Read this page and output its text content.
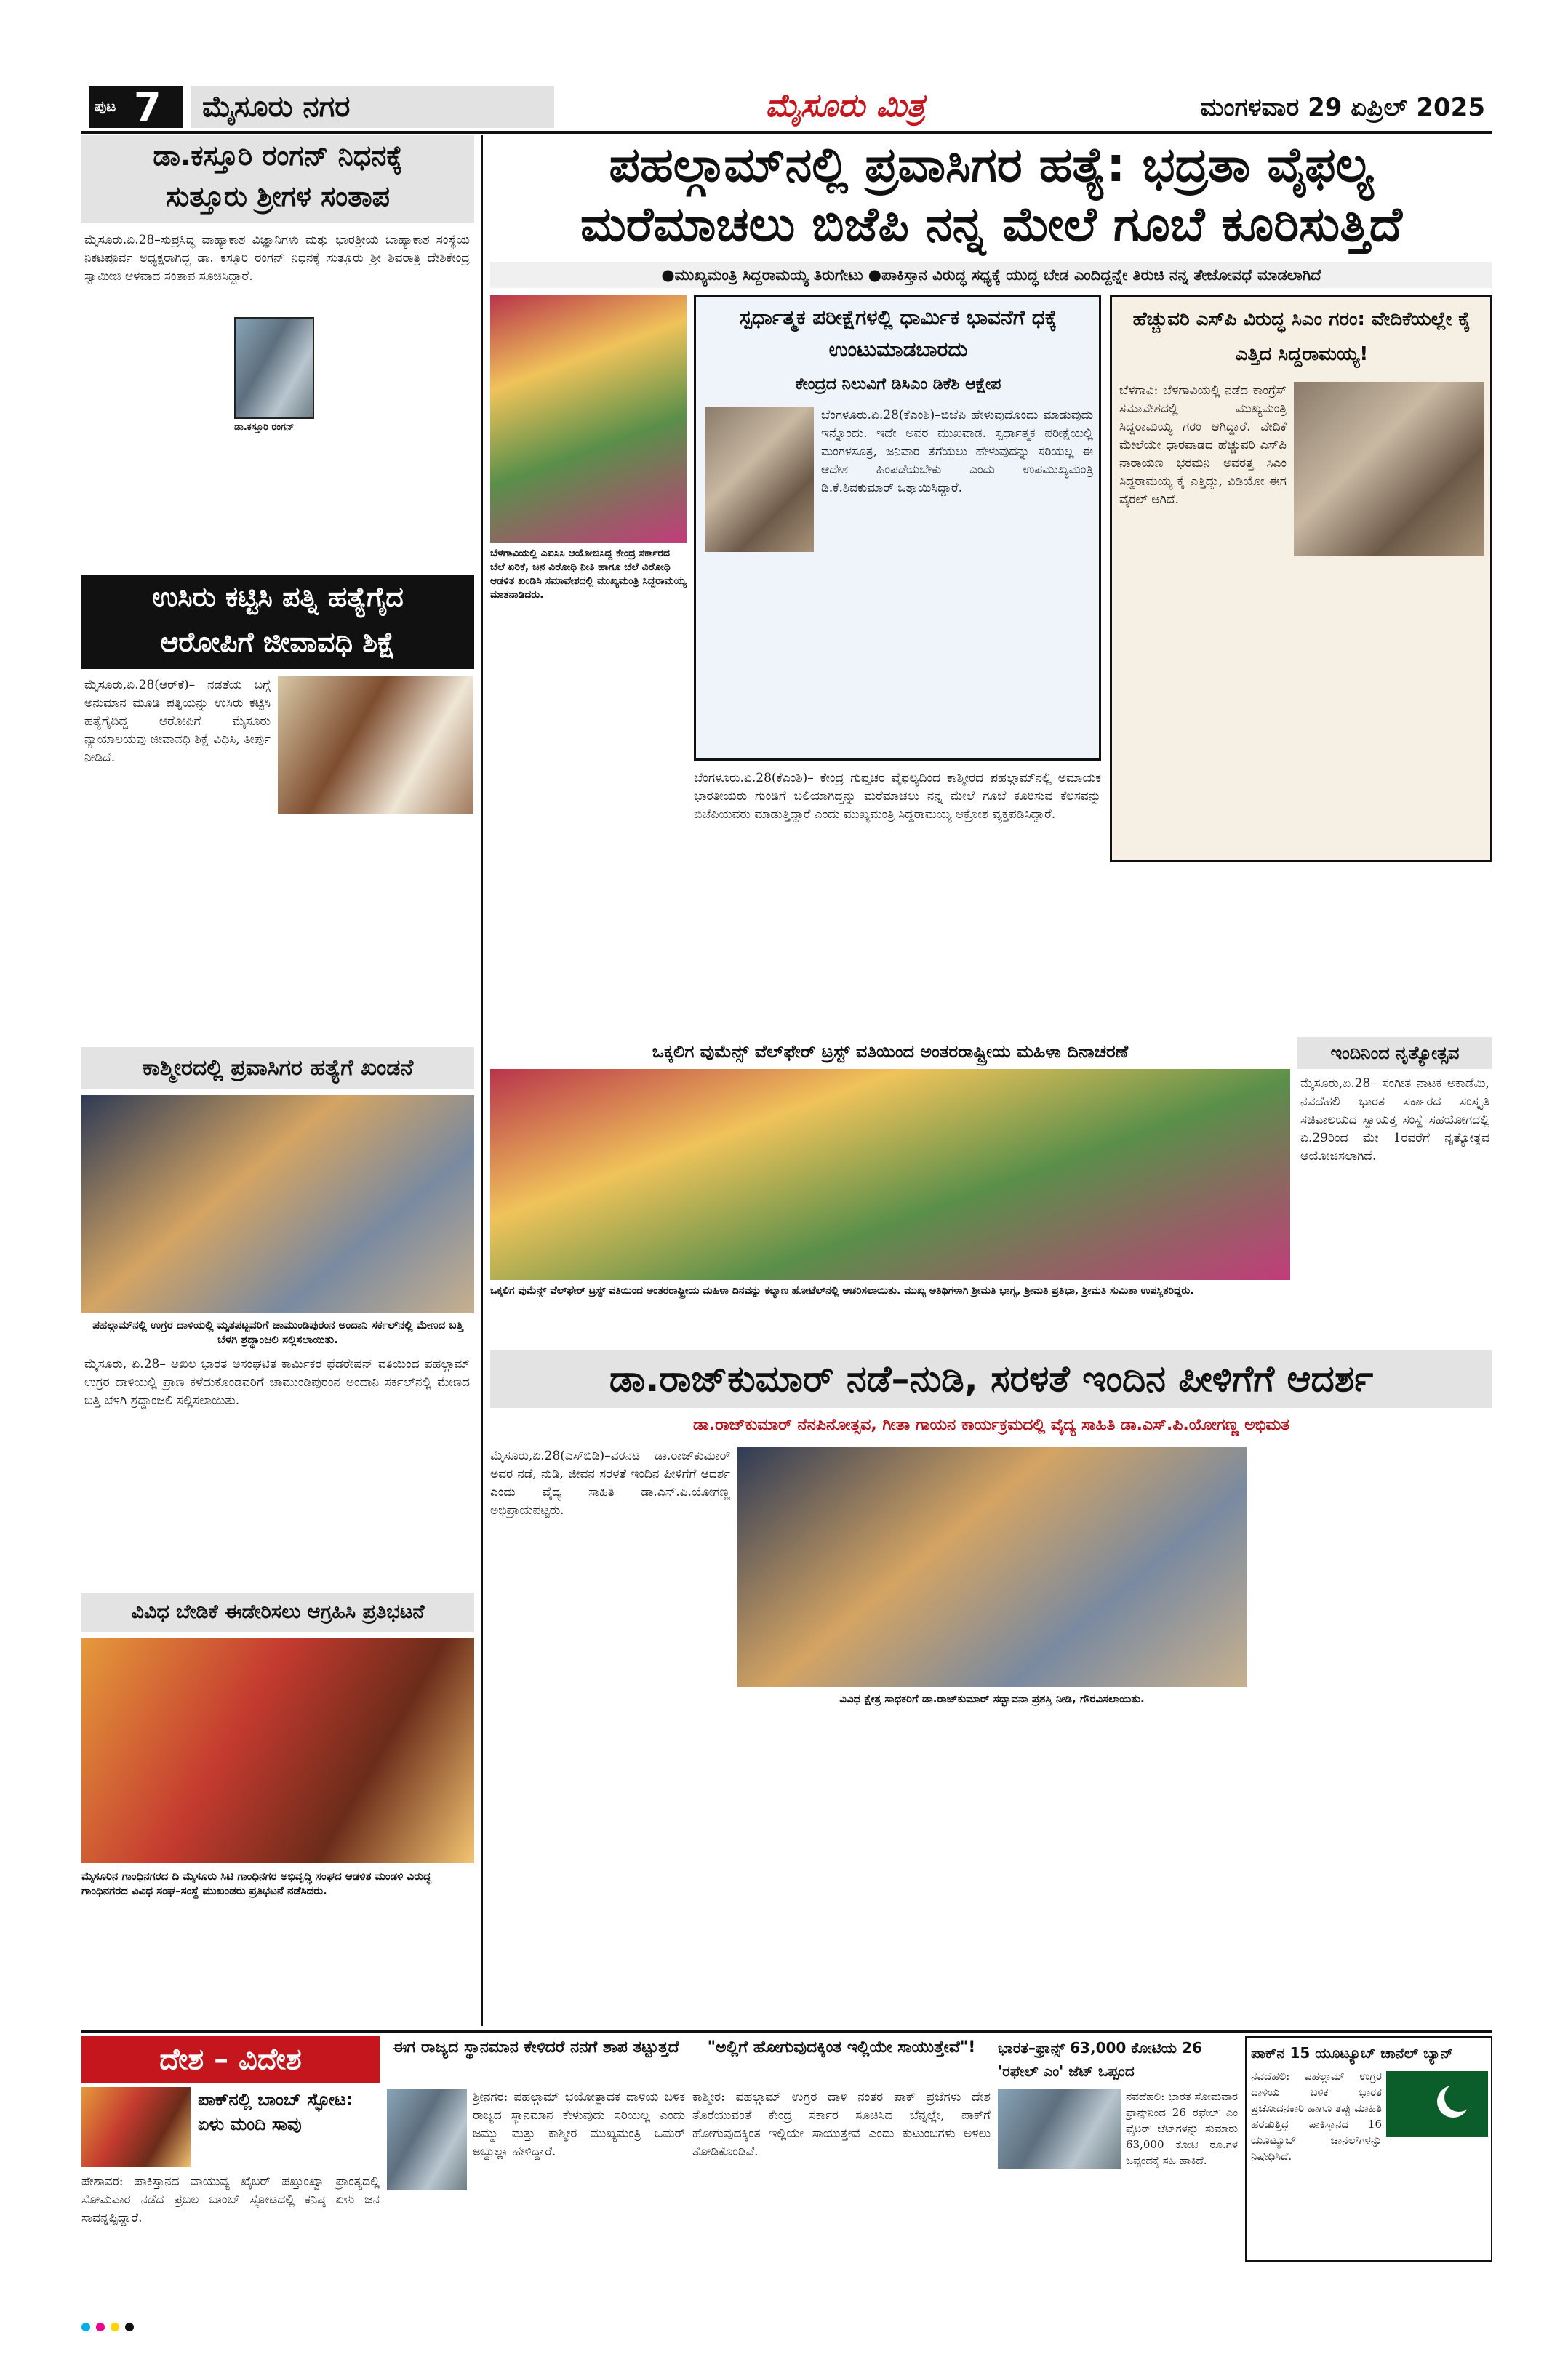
ಪುಟ 7	ಮೈಸೂರು ನಗರ	ಮೈಸೂರು ಮಿತ್ರ	ಮಂಗಳವಾರ 29 ಏಪ್ರಿಲ್ 2025
ಡಾ.ಕಸ್ತೂರಿ ರಂಗನ್ ನಿಧನಕ್ಕೆ
ಸುತ್ತೂರು ಶ್ರೀಗಳ ಸಂತಾಪ
ಮೈಸೂರು.ಏ.28–ಸುಪ್ರಸಿದ್ಧ ವಾಹ್ಯಾಕಾಶ ವಿಜ್ಞಾನಿಗಳು ಮತ್ತು ಭಾರತ್ರೀಯ ಬಾಹ್ಯಾಕಾಶ ಸಂಸ್ಥೆಯ ನಿಕಟಪೂರ್ವ ಅಧ್ಯಕ್ಷರಾಗಿದ್ದ ಡಾ. ಕಸ್ತೂರಿ ರಂಗನ್ ನಿಧನಕ್ಕೆ ಸುತ್ತೂರು ಶ್ರೀ ಶಿವರಾತ್ರಿ ದೇಶಿಕೇಂದ್ರ ಸ್ವಾಮೀಜಿ ಆಳವಾದ ಸಂತಾಪ ಸೂಚಿಸಿದ್ದಾರೆ.
ಡಾ.ಕಸ್ತೂರಿ ರಂಗನ್
ಉಸಿರು ಕಟ್ಟಿಸಿ ಪತ್ನಿ ಹತ್ಯೆಗೈದ
ಆರೋಪಿಗೆ ಜೀವಾವಧಿ ಶಿಕ್ಷೆ
ಮೈಸೂರು,ಏ.28(ಆರ್‌ಕೆ)– ನಡತೆಯ ಬಗ್ಗೆ ಅನುಮಾನ ಮೂಡಿ ಪತ್ನಿಯನ್ನು ಉಸಿರು ಕಟ್ಟಿಸಿ ಹತ್ಯೆಗೈದಿದ್ದ ಆರೋಪಿಗೆ ಮೈಸೂರು ನ್ಯಾಯಾಲಯವು ಜೀವಾವಧಿ ಶಿಕ್ಷೆ ವಿಧಿಸಿ, ತೀರ್ಪು ನೀಡಿದೆ.
ಕಾಶ್ಮೀರದಲ್ಲಿ ಪ್ರವಾಸಿಗರ ಹತ್ಯೆಗೆ ಖಂಡನೆ
ಪಹಲ್ಗಾಮ್‌ನಲ್ಲಿ ಉಗ್ರರ ದಾಳಿಯಲ್ಲಿ ಮೃತಪಟ್ಟವರಿಗೆ ಚಾಮುಂಡಿಪುರಂನ ಅಂದಾನಿ ಸರ್ಕಲ್‌ನಲ್ಲಿ ಮೇಣದ ಬತ್ತಿ ಬೆಳಗಿ ಶ್ರದ್ಧಾಂಜಲಿ ಸಲ್ಲಿಸಲಾಯಿತು.
ಮೈಸೂರು, ಏ.28– ಅಖಿಲ ಭಾರತ ಅಸಂಘಟಿತ ಕಾರ್ಮಿಕರ ಫೆಡರೇಷನ್ ವತಿಯಿಂದ ಪಹಲ್ಗಾಮ್ ಉಗ್ರರ ದಾಳಿಯಲ್ಲಿ ಪ್ರಾಣ ಕಳೆದುಕೊಂಡವರಿಗೆ ಚಾಮುಂಡಿಪುರಂನ ಅಂದಾನಿ ಸರ್ಕಲ್‌ನಲ್ಲಿ ಮೇಣದ ಬತ್ತಿ ಬೆಳಗಿ ಶ್ರದ್ಧಾಂಜಲಿ ಸಲ್ಲಿಸಲಾಯಿತು.
ವಿವಿಧ ಬೇಡಿಕೆ ಈಡೇರಿಸಲು ಆಗ್ರಹಿಸಿ ಪ್ರತಿಭಟನೆ
ಮೈಸೂರಿನ ಗಾಂಧಿನಗರದ ದಿ ಮೈಸೂರು ಸಿಟಿ ಗಾಂಧಿನಗರ ಅಭಿವೃದ್ಧಿ ಸಂಘದ ಆಡಳಿತ ಮಂಡಳಿ ವಿರುದ್ಧ ಗಾಂಧಿನಗರದ ವಿವಿಧ ಸಂಘ–ಸಂಸ್ಥೆ ಮುಖಂಡರು ಪ್ರತಿಭಟನೆ ನಡೆಸಿದರು.
ಪಹಲ್ಗಾಮ್‌ನಲ್ಲಿ ಪ್ರವಾಸಿಗರ ಹತ್ಯೆ: ಭದ್ರತಾ ವೈಫಲ್ಯ
ಮರೆಮಾಚಲು ಬಿಜೆಪಿ ನನ್ನ ಮೇಲೆ ಗೂಬೆ ಕೂರಿಸುತ್ತಿದೆ
●ಮುಖ್ಯಮಂತ್ರಿ ಸಿದ್ದರಾಮಯ್ಯ ತಿರುಗೇಟು ●ಪಾಕಿಸ್ತಾನ ವಿರುದ್ಧ ಸಧ್ಯಕ್ಕೆ ಯುದ್ಧ ಬೇಡ ಎಂದಿದ್ದನ್ನೇ ತಿರುಚಿ ನನ್ನ ತೇಜೋವಧೆ ಮಾಡಲಾಗಿದೆ
ಬೆಳಗಾವಿಯಲ್ಲಿ ಎಐಸಿಸಿ ಆಯೋಜಿಸಿದ್ದ ಕೇಂದ್ರ ಸರ್ಕಾರದ ಬೆಲೆ ಏರಿಕೆ, ಜನ ವಿರೋಧಿ ನೀತಿ ಹಾಗೂ ಬೆಲೆ ವಿರೋಧಿ ಆಡಳಿತ ಖಂಡಿಸಿ ಸಮಾವೇಶದಲ್ಲಿ ಮುಖ್ಯಮಂತ್ರಿ ಸಿದ್ದರಾಮಯ್ಯ ಮಾತನಾಡಿದರು.
ಸ್ಪರ್ಧಾತ್ಮಕ ಪರೀಕ್ಷೆಗಳಲ್ಲಿ ಧಾರ್ಮಿಕ ಭಾವನೆಗೆ ಧಕ್ಕೆ ಉಂಟುಮಾಡಬಾರದು
ಕೇಂದ್ರದ ನಿಲುವಿಗೆ ಡಿಸಿಎಂ ಡಿಕೆಶಿ ಆಕ್ಷೇಪ
ಬೆಂಗಳೂರು.ಏ.28(ಕೆಎಂಶಿ)–ಬಿಜೆಪಿ ಹೇಳುವುದೊಂದು ಮಾಡುವುದು ಇನ್ನೊಂದು. ಇದೇ ಅವರ ಮುಖವಾಡ. ಸ್ಪರ್ಧಾತ್ಮಕ ಪರೀಕ್ಷೆಯಲ್ಲಿ ಮಂಗಳಸೂತ್ರ, ಜನಿವಾರ ತೆಗೆಯಲು ಹೇಳುವುದನ್ನು ಸರಿಯಲ್ಲ ಈ ಆದೇಶ ಹಿಂಪಡೆಯಬೇಕು ಎಂದು ಉಪಮುಖ್ಯಮಂತ್ರಿ ಡಿ.ಕೆ.ಶಿವಕುಮಾರ್ ಒತ್ತಾಯಿಸಿದ್ದಾರೆ.
ಬೆಂಗಳೂರು.ಏ.28(ಕೆಎಂಶಿ)– ಕೇಂದ್ರ ಗುಪ್ತಚರ ವೈಫಲ್ಯದಿಂದ ಕಾಶ್ಮೀರದ ಪಹಲ್ಗಾಮ್‌ನಲ್ಲಿ ಅಮಾಯಕ ಭಾರತೀಯರು ಗುಂಡಿಗೆ ಬಲಿಯಾಗಿದ್ದನ್ನು ಮರೆಮಾಚಲು ನನ್ನ ಮೇಲೆ ಗೂಬೆ ಕೂರಿಸುವ ಕೆಲಸವನ್ನು ಬಿಜೆಪಿಯವರು ಮಾಡುತ್ತಿದ್ದಾರೆ ಎಂದು ಮುಖ್ಯಮಂತ್ರಿ ಸಿದ್ದರಾಮಯ್ಯ ಆಕ್ರೋಶ ವ್ಯಕ್ತಪಡಿಸಿದ್ದಾರೆ.
ಹೆಚ್ಚುವರಿ ಎಸ್‌ಪಿ ವಿರುದ್ಧ ಸಿಎಂ ಗರಂ: ವೇದಿಕೆಯಲ್ಲೇ ಕೈ ಎತ್ತಿದ ಸಿದ್ದರಾಮಯ್ಯ!
ಬೆಳಗಾವಿ: ಬೆಳಗಾವಿಯಲ್ಲಿ ನಡೆದ ಕಾಂಗ್ರೆಸ್ ಸಮಾವೇಶದಲ್ಲಿ ಮುಖ್ಯಮಂತ್ರಿ ಸಿದ್ದರಾಮಯ್ಯ ಗರಂ ಆಗಿದ್ದಾರೆ. ವೇದಿಕೆ ಮೇಲೆಯೇ ಧಾರವಾಡದ ಹೆಚ್ಚುವರಿ ಎಸ್‌ಪಿ ನಾರಾಯಣ ಭರಮನಿ ಅವರತ್ತ ಸಿಎಂ ಸಿದ್ದರಾಮಯ್ಯ ಕೈ ಎತ್ತಿದ್ದು, ವಿಡಿಯೋ ಈಗ ವೈರಲ್ ಆಗಿದೆ.
ಒಕ್ಕಲಿಗ ವುಮೆನ್ಸ್ ವೆಲ್‌ಫೇರ್ ಟ್ರಸ್ಟ್ ವತಿಯಿಂದ ಅಂತರರಾಷ್ಟ್ರೀಯ ಮಹಿಳಾ ದಿನಾಚರಣೆ
ಒಕ್ಕಲಿಗ ವುಮೆನ್ಸ್ ವೆಲ್‌ಫೇರ್ ಟ್ರಸ್ಟ್ ವತಿಯಿಂದ ಅಂತರರಾಷ್ಟ್ರೀಯ ಮಹಿಳಾ ದಿನವನ್ನು ಕಲ್ಯಾಣ ಹೋಟೆಲ್‌ನಲ್ಲಿ ಆಚರಿಸಲಾಯಿತು. ಮುಖ್ಯ ಅತಿಥಿಗಳಾಗಿ ಶ್ರೀಮತಿ ಭಾಗ್ಯ, ಶ್ರೀಮತಿ ಪ್ರತಿಭಾ, ಶ್ರೀಮತಿ ಸುಮಿತಾ ಉಪಸ್ಥಿತರಿದ್ದರು.
ಇಂದಿನಿಂದ ನೃತ್ಯೋತ್ಸವ
ಮೈಸೂರು,ಏ.28– ಸಂಗೀತ ನಾಟಕ ಅಕಾಡೆಮಿ, ನವದೆಹಲಿ ಭಾರತ ಸರ್ಕಾರದ ಸಂಸ್ಕೃತಿ ಸಚಿವಾಲಯದ ಸ್ವಾಯತ್ತ ಸಂಸ್ಥೆ ಸಹಯೋಗದಲ್ಲಿ ಏ.29ರಿಂದ ಮೇ 1ರವರೆಗೆ ನೃತ್ಯೋತ್ಸವ ಆಯೋಜಿಸಲಾಗಿದೆ.
ಡಾ.ರಾಜ್‌ಕುಮಾರ್ ನಡೆ–ನುಡಿ, ಸರಳತೆ ಇಂದಿನ ಪೀಳಿಗೆಗೆ ಆದರ್ಶ
ಡಾ.ರಾಜ್‌ಕುಮಾರ್ ನೆನಪಿನೋತ್ಸವ, ಗೀತಾ ಗಾಯನ ಕಾರ್ಯಕ್ರಮದಲ್ಲಿ ವೈದ್ಯ ಸಾಹಿತಿ ಡಾ.ಎಸ್.ಪಿ.ಯೋಗಣ್ಣ ಅಭಿಮತ
ಮೈಸೂರು,ಏ.28(ಎಸ್‌ಬಿಡಿ)–ವರನಟ ಡಾ.ರಾಜ್‌ಕುಮಾರ್ ಅವರ ನಡೆ, ನುಡಿ, ಜೀವನ ಸರಳತೆ ಇಂದಿನ ಪೀಳಿಗೆಗೆ ಆದರ್ಶ ಎಂದು ವೈದ್ಯ ಸಾಹಿತಿ ಡಾ.ಎಸ್.ಪಿ.ಯೋಗಣ್ಣ ಅಭಿಪ್ರಾಯಪಟ್ಟರು.
ವಿವಿಧ ಕ್ಷೇತ್ರ ಸಾಧಕರಿಗೆ ಡಾ.ರಾಜ್‌ಕುಮಾರ್ ಸದ್ಭಾವನಾ ಪ್ರಶಸ್ತಿ ನೀಡಿ, ಗೌರವಿಸಲಾಯಿತು.
ದೇಶ – ವಿದೇಶ
ಪಾಕ್‌ನಲ್ಲಿ ಬಾಂಬ್ ಸ್ಫೋಟ: ಏಳು ಮಂದಿ ಸಾವು
ಪೇಶಾವರ: ಪಾಕಿಸ್ತಾನದ ವಾಯುವ್ಯ ಖೈಬರ್ ಪಖ್ತುಂಖ್ವಾ ಪ್ರಾಂತ್ಯದಲ್ಲಿ ಸೋಮವಾರ ನಡೆದ ಪ್ರಬಲ ಬಾಂಬ್ ಸ್ಫೋಟದಲ್ಲಿ ಕನಿಷ್ಠ ಏಳು ಜನ ಸಾವನ್ನಪ್ಪಿದ್ದಾರೆ.
ಈಗ ರಾಜ್ಯದ ಸ್ಥಾನಮಾನ ಕೇಳಿದರೆ ನನಗೆ ಶಾಪ ತಟ್ಟುತ್ತದೆ
ಶ್ರೀನಗರ: ಪಹಲ್ಗಾಮ್ ಭಯೋತ್ಪಾದಕ ದಾಳಿಯ ಬಳಿಕ ರಾಜ್ಯದ ಸ್ಥಾನಮಾನ ಕೇಳುವುದು ಸರಿಯಲ್ಲ ಎಂದು ಜಮ್ಮು ಮತ್ತು ಕಾಶ್ಮೀರ ಮುಖ್ಯಮಂತ್ರಿ ಒಮರ್ ಅಬ್ದುಲ್ಲಾ ಹೇಳಿದ್ದಾರೆ.
"ಅಲ್ಲಿಗೆ ಹೋಗುವುದಕ್ಕಿಂತ ಇಲ್ಲಿಯೇ ಸಾಯುತ್ತೇವೆ"!
ಕಾಶ್ಮೀರ: ಪಹಲ್ಗಾಮ್ ಉಗ್ರರ ದಾಳಿ ನಂತರ ಪಾಕ್ ಪ್ರಜೆಗಳು ದೇಶ ತೊರೆಯುವಂತೆ ಕೇಂದ್ರ ಸರ್ಕಾರ ಸೂಚಿಸಿದ ಬೆನ್ನಲ್ಲೇ, ಪಾಕ್‌ಗೆ ಹೋಗುವುದಕ್ಕಿಂತ ಇಲ್ಲಿಯೇ ಸಾಯುತ್ತೇವೆ ಎಂದು ಕುಟುಂಬಗಳು ಅಳಲು ತೋಡಿಕೊಂಡಿವೆ.
ಭಾರತ–ಫ್ರಾನ್ಸ್ 63,000 ಕೋಟಿಯ 26 'ರಫೇಲ್ ಎಂ' ಜೆಟ್ ಒಪ್ಪಂದ
ನವದೆಹಲಿ: ಭಾರತ ಸೋಮವಾರ ಫ್ರಾನ್ಸ್‌ನಿಂದ 26 ರಫೇಲ್ ಎಂ ಫೈಟರ್ ಜೆಟ್‌ಗಳನ್ನು ಸುಮಾರು 63,000 ಕೋಟಿ ರೂ.ಗಳ ಒಪ್ಪಂದಕ್ಕೆ ಸಹಿ ಹಾಕಿದೆ.
ಪಾಕ್‌ನ 15 ಯೂಟ್ಯೂಬ್ ಚಾನೆಲ್ ಬ್ಯಾನ್
ನವದೆಹಲಿ: ಪಹಲ್ಗಾಮ್ ಉಗ್ರರ ದಾಳಿಯ ಬಳಿಕ ಭಾರತ ಪ್ರಚೋದನಕಾರಿ ಹಾಗೂ ತಪ್ಪು ಮಾಹಿತಿ ಹರಡುತ್ತಿದ್ದ ಪಾಕಿಸ್ತಾನದ 16 ಯೂಟ್ಯೂಬ್ ಚಾನೆಲ್‌ಗಳನ್ನು ನಿಷೇಧಿಸಿದೆ.
